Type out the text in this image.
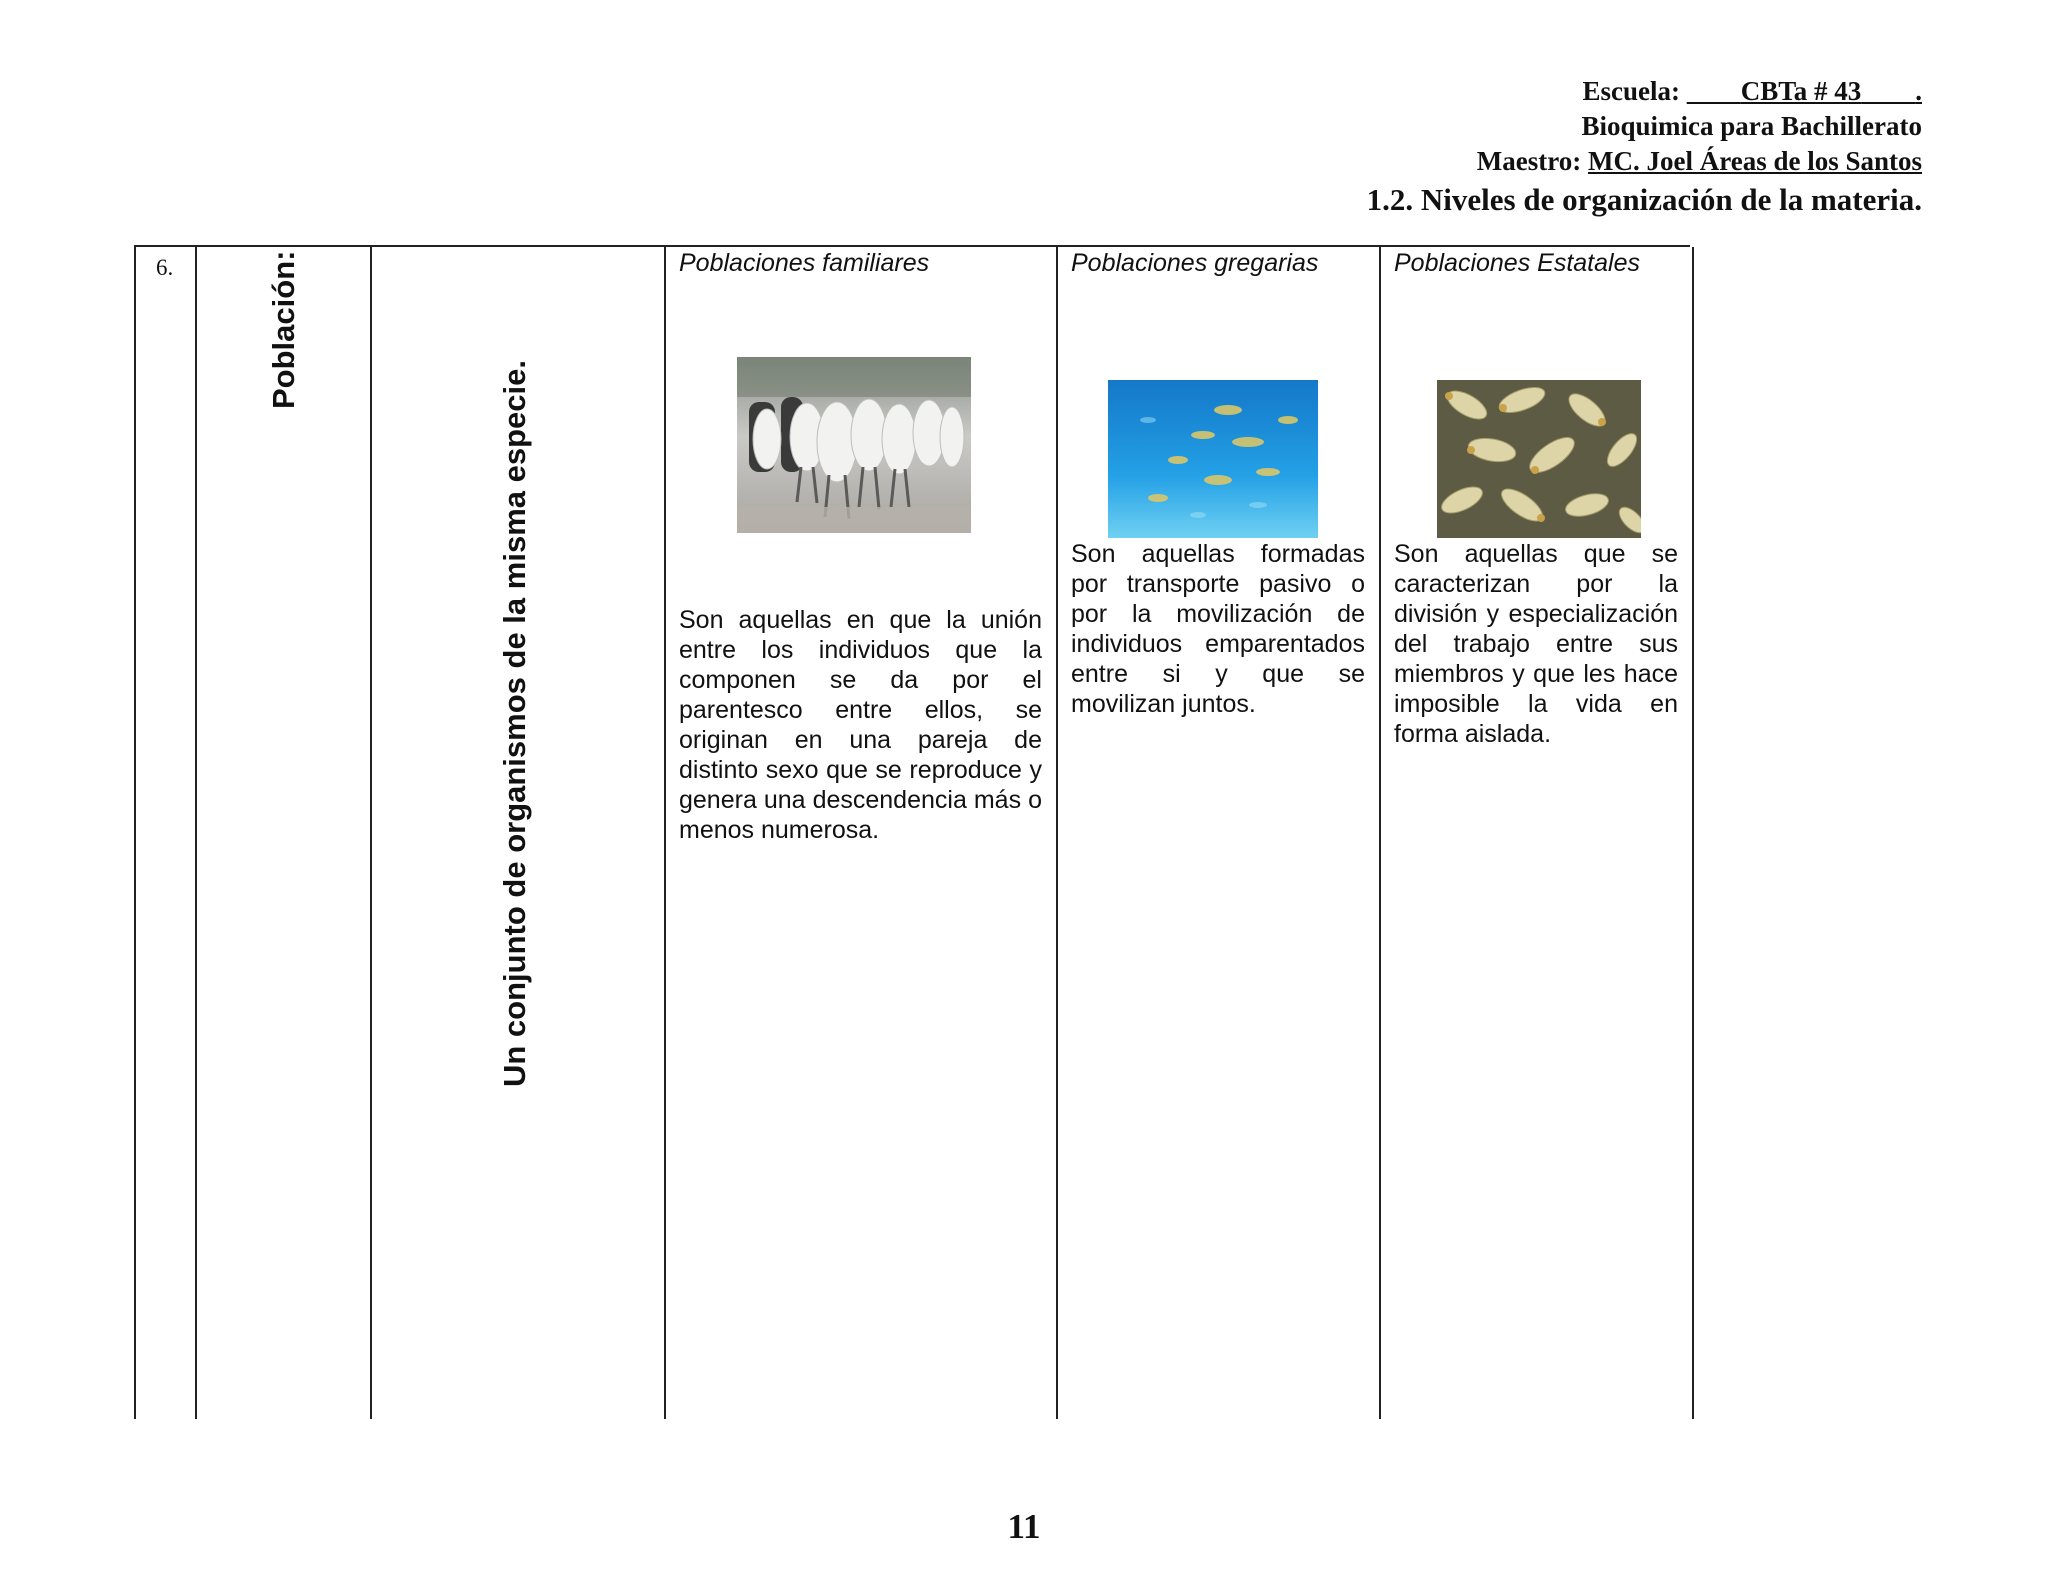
Escuela: CBTa # 43 .
Bioquimica para Bachillerato
Maestro: MC. Joel Áreas de los Santos
1.2. Niveles de organización de la materia.
6.	Población:
Un conjunto de organismos de la misma especie.
Poblaciones familiares
Son aquellas en que la unión entre los individuos que la componen se da por el parentesco entre ellos, se originan en una pareja de distinto sexo que se reproduce y genera una descendencia más o menos numerosa.
Poblaciones gregarias
Son aquellas formadas por transporte pasivo o por la movilización de individuos emparentados entre si y que se movilizan juntos.
Poblaciones Estatales
Son aquellas que se caracterizan por la división y especialización del trabajo entre sus miembros y que les hace imposible la vida en forma aislada.
11
